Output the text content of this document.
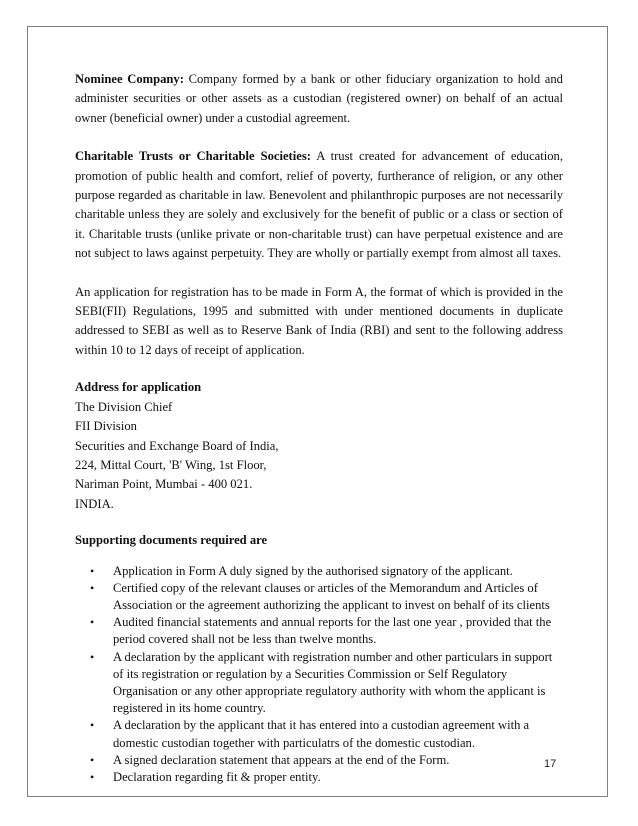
Nominee Company: Company formed by a bank or other fiduciary organization to hold and administer securities or other assets as a custodian (registered owner) on behalf of an actual owner (beneficial owner) under a custodial agreement.

Charitable Trusts or Charitable Societies: A trust created for advancement of education, promotion of public health and comfort, relief of poverty, furtherance of religion, or any other purpose regarded as charitable in law. Benevolent and philanthropic purposes are not necessarily charitable unless they are solely and exclusively for the benefit of public or a class or section of it. Charitable trusts (unlike private or non-charitable trust) can have perpetual existence and are not subject to laws against perpetuity. They are wholly or partially exempt from almost all taxes.

An application for registration has to be made in Form A, the format of which is provided in the SEBI(FII) Regulations, 1995 and submitted with under mentioned documents in duplicate addressed to SEBI as well as to Reserve Bank of India (RBI) and sent to the following address within 10 to 12 days of receipt of application.

Address for application
The Division Chief
FII Division
Securities and Exchange Board of India,
224, Mittal Court, 'B' Wing, 1st Floor,
Nariman Point, Mumbai - 400 021.
INDIA.
Supporting documents required are
• Application in Form A duly signed by the authorised signatory of the applicant.
• Certified copy of the relevant clauses or articles of the Memorandum and Articles of Association or the agreement authorizing the applicant to invest on behalf of its clients
• Audited financial statements and annual reports for the last one year , provided that the period covered shall not be less than twelve months.
• A declaration by the applicant with registration number and other particulars in support of its registration or regulation by a Securities Commission or Self Regulatory Organisation or any other appropriate regulatory authority with whom the applicant is registered in its home country.
• A declaration by the applicant that it has entered into a custodian agreement with a domestic custodian together with particulatrs of the domestic custodian.
• A signed declaration statement that appears at the end of the Form.
• Declaration regarding fit & proper entity.
17
